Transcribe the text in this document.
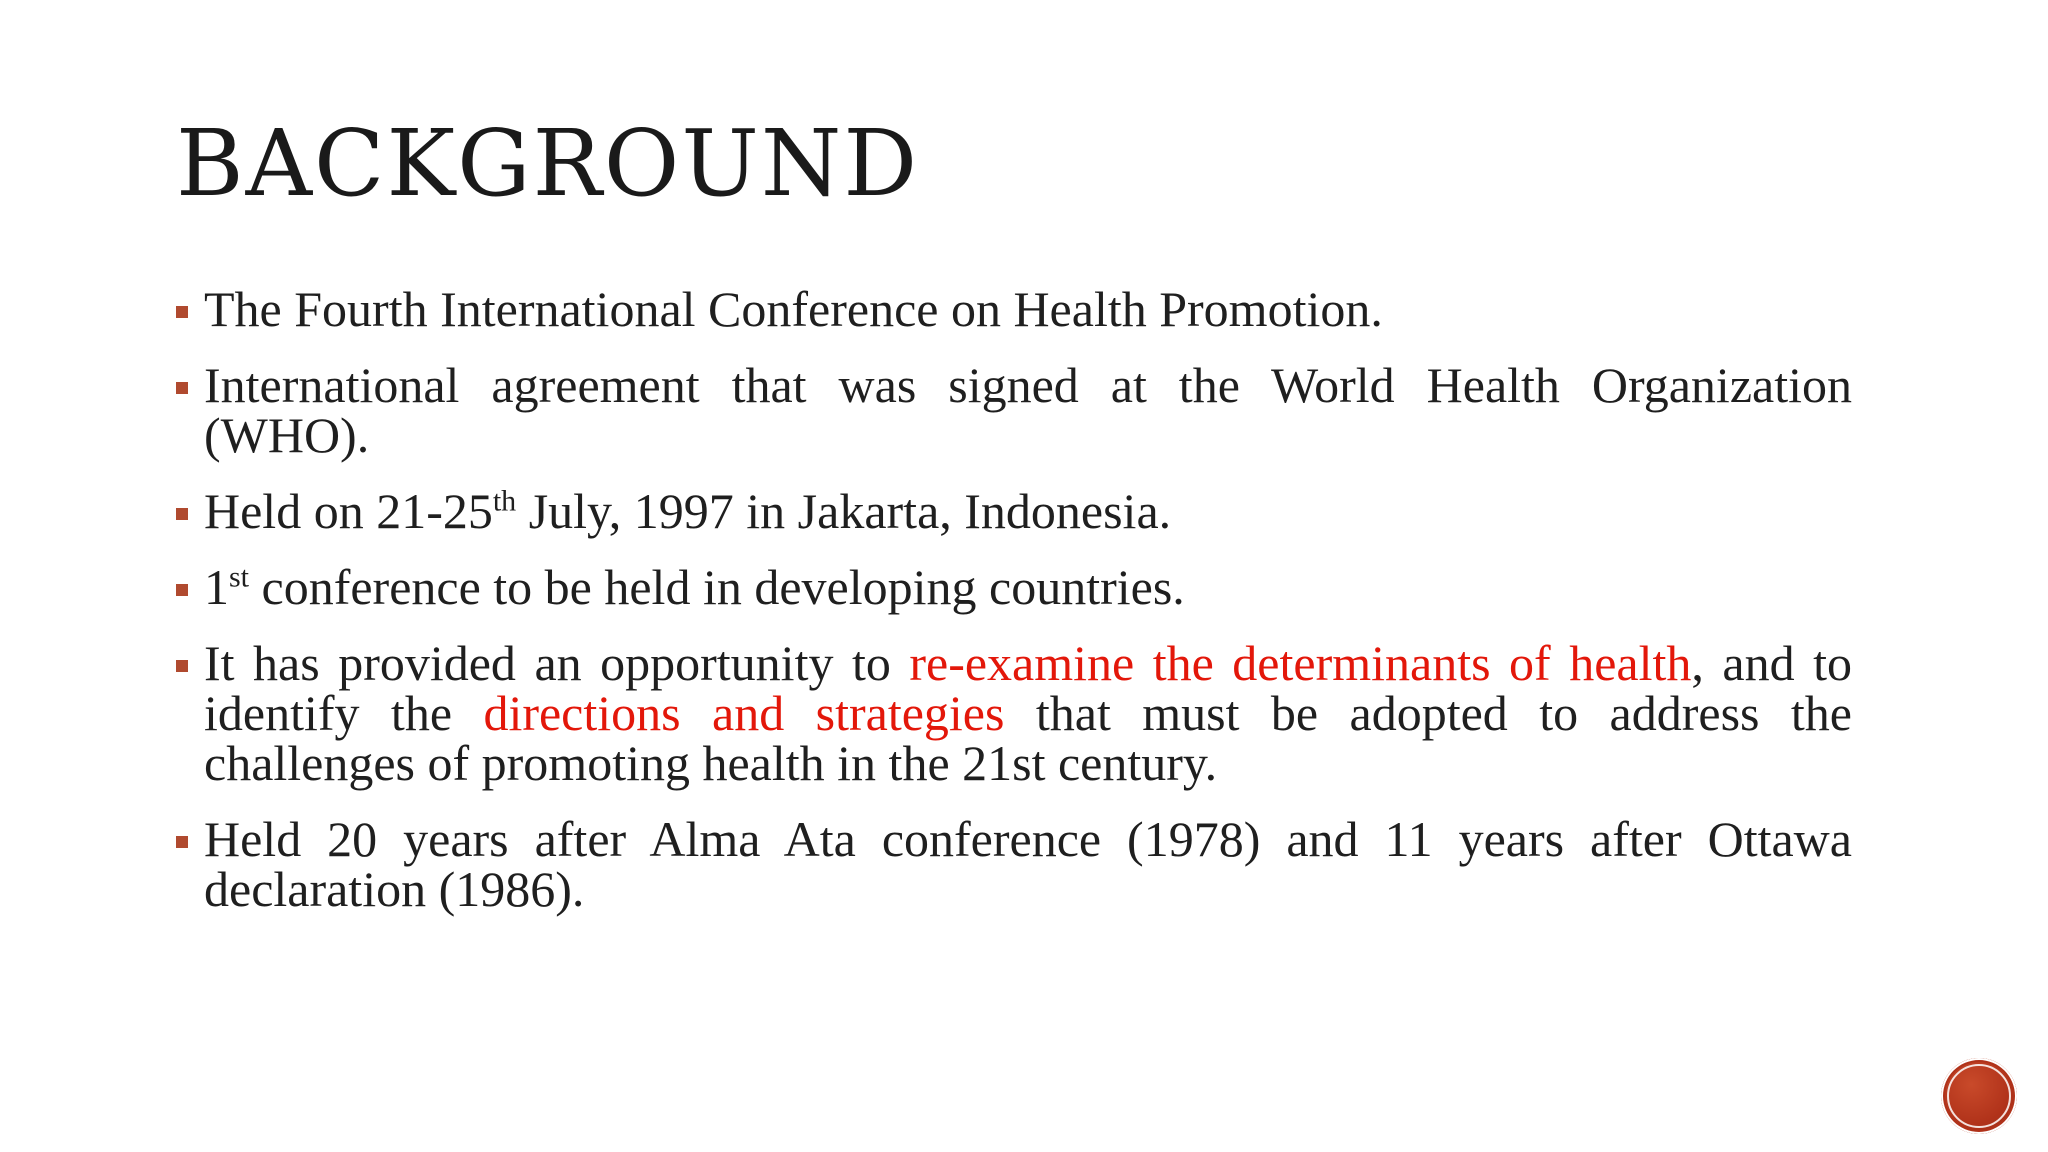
BACKGROUND
The Fourth International Conference on Health Promotion.
International agreement that was signed at the World Health Organization (WHO).
Held on 21-25th July, 1997 in Jakarta, Indonesia.
1st conference to be held in developing countries.
It has provided an opportunity to re-examine the determinants of health, and to identify the directions and strategies that must be adopted to address the challenges of promoting health in the 21st century.
Held 20 years after Alma Ata conference (1978) and 11 years after Ottawa declaration (1986).
